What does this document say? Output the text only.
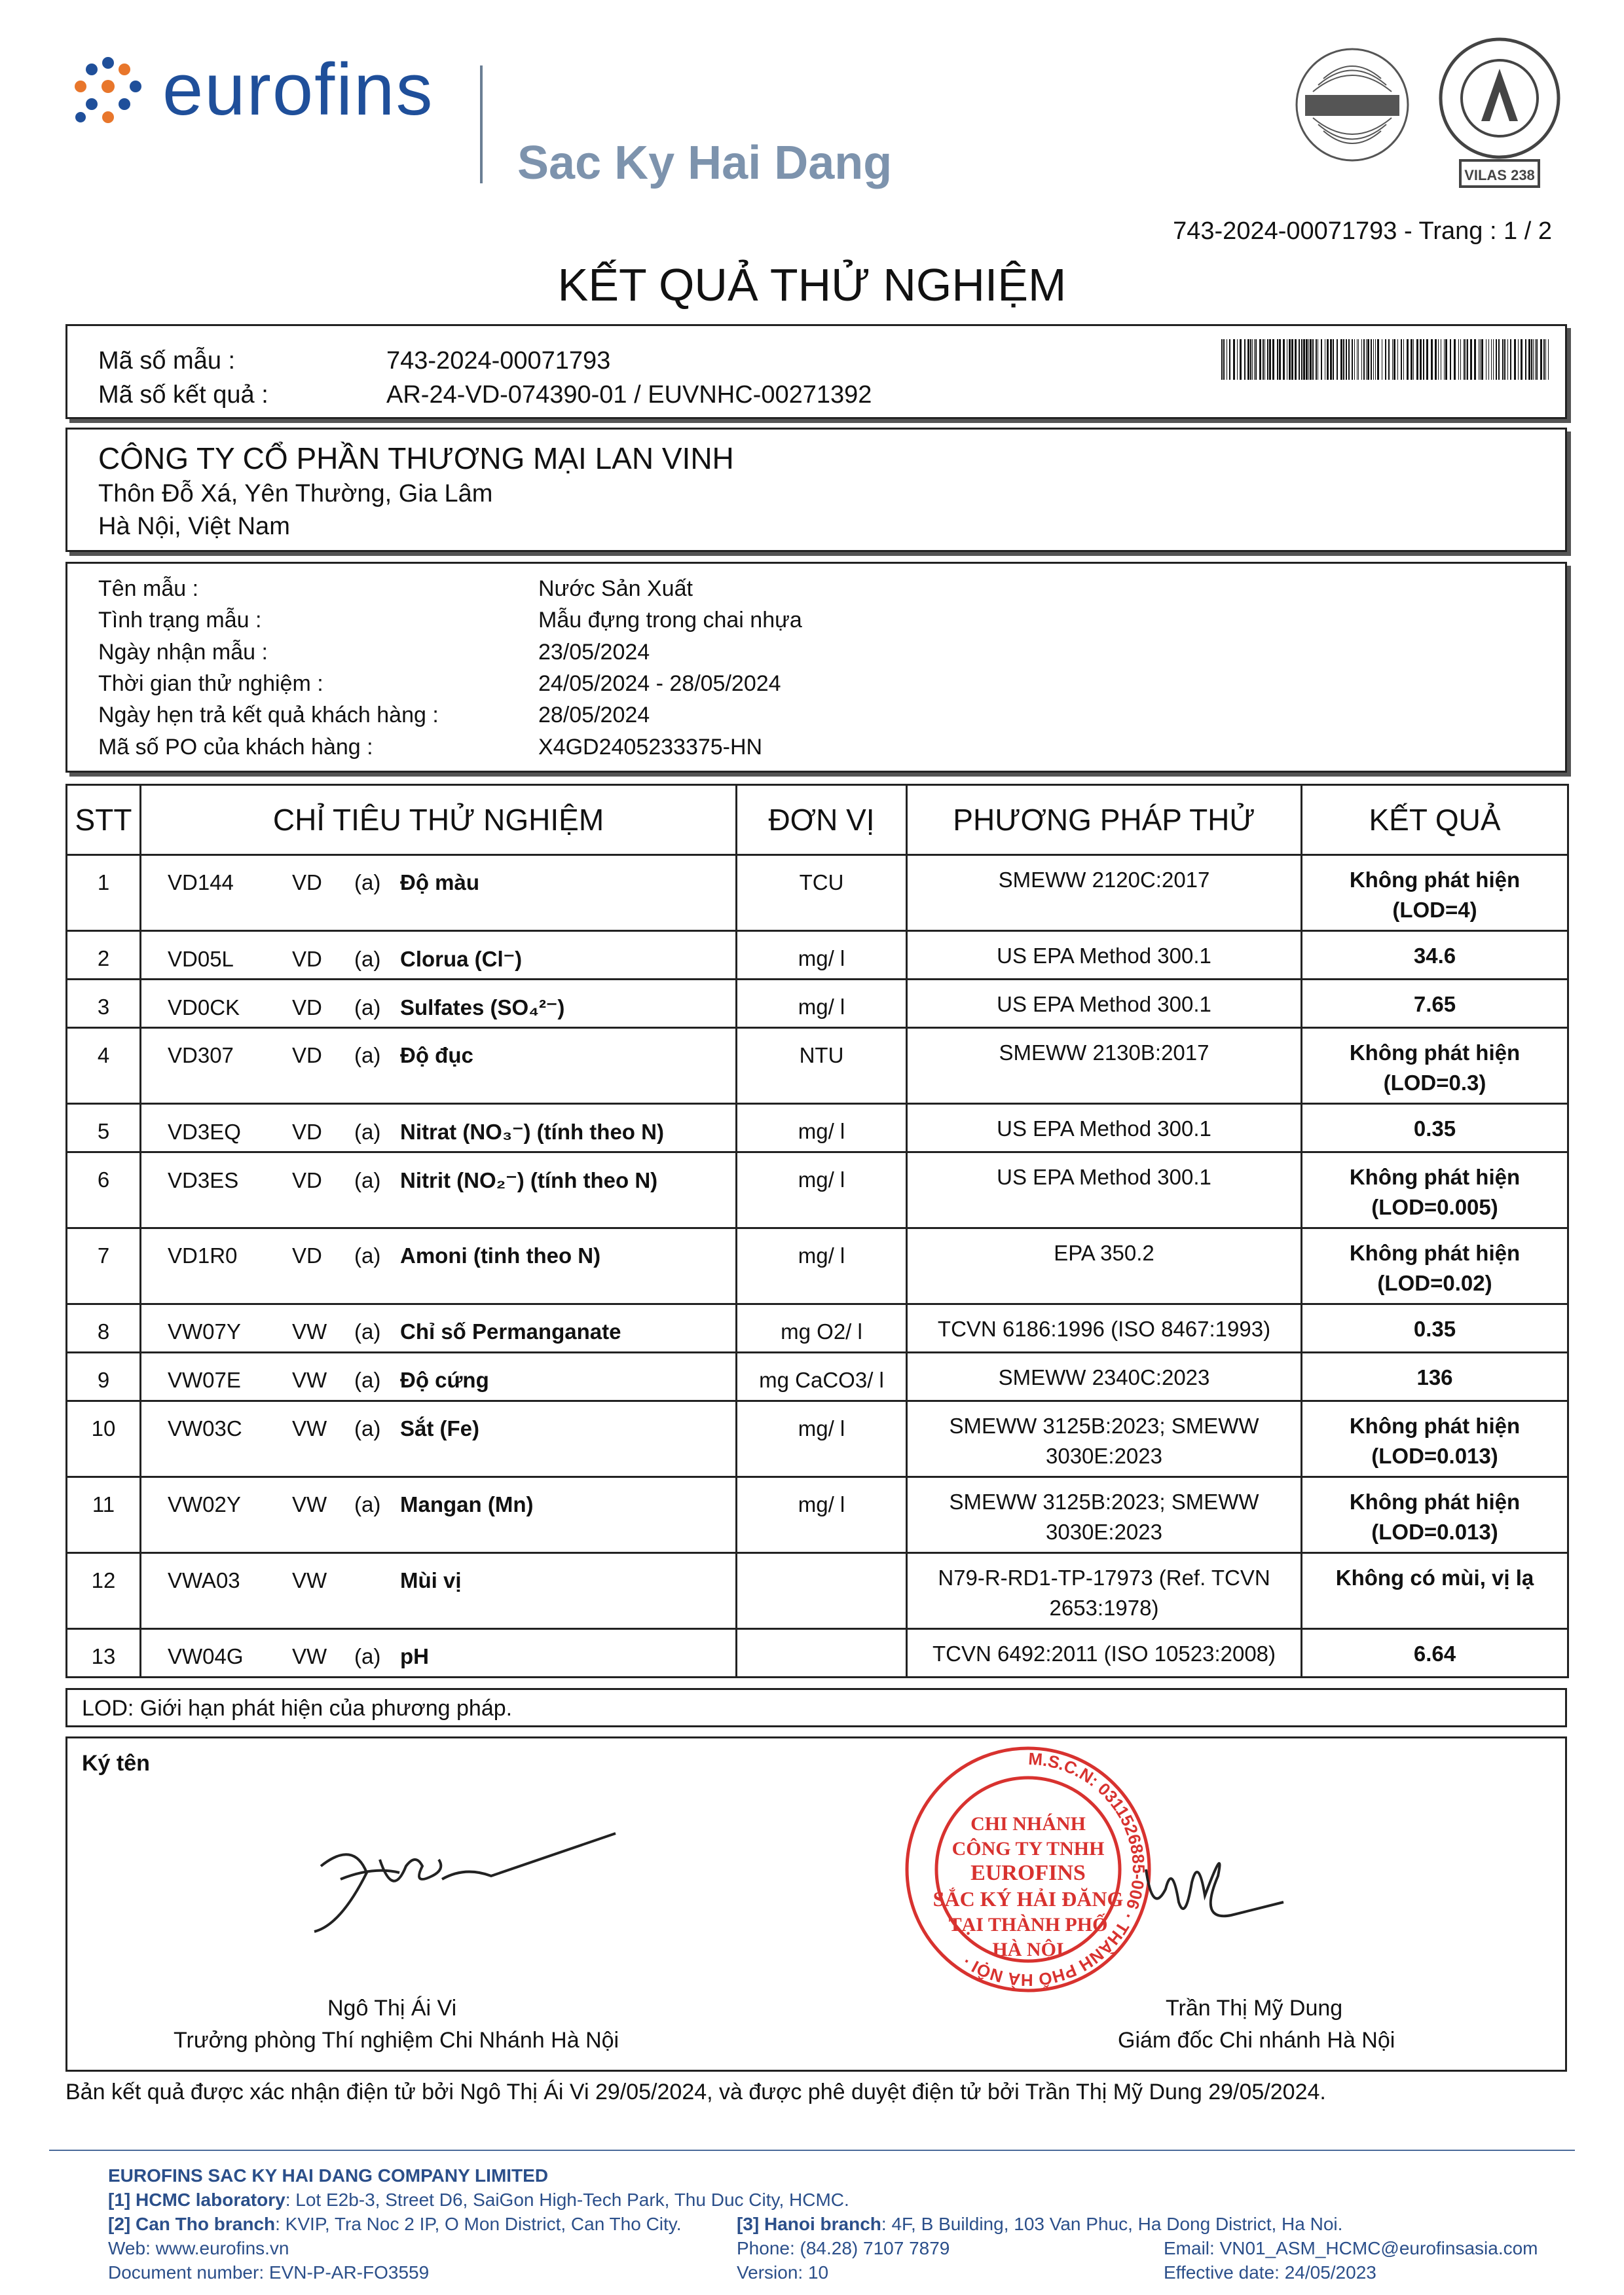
eurofins
Sac Ky Hai Dang	VILAS 238
743-2024-00071793 - Trang : 1 / 2
KẾT QUẢ THỬ NGHIỆM
Mã số mẫu :	743-2024-00071793
Mã số kết quả :	AR-24-VD-074390-01 / EUVNHC-00271392
CÔNG TY CỔ PHẦN THƯƠNG MẠI LAN VINH
Thôn Đỗ Xá, Yên Thường, Gia Lâm
Hà Nội, Việt Nam
Tên mẫu :	Nước Sản Xuất
Tình trạng mẫu :	Mẫu đựng trong chai nhựa
Ngày nhận mẫu :	23/05/2024
Thời gian thử nghiệm :	24/05/2024 - 28/05/2024
Ngày hẹn trả kết quả khách hàng :	28/05/2024
Mã số PO của khách hàng :	X4GD2405233375-HN
STT	CHỈ TIÊU THỬ NGHIỆM	ĐƠN VỊ	PHƯƠNG PHÁP THỬ	KẾT QUẢ

1	VD144 VD (a) Độ màu	TCU	SMEWW 2120C:2017	Không phát hiện
(LOD=4)

2	VD05L VD (a) Clorua (Cl⁻)	mg/ l	US EPA Method 300.1	34.6

3	VD0CK VD (a) Sulfates (SO₄²⁻)	mg/ l	US EPA Method 300.1	7.65

4	VD307 VD (a) Độ đục	NTU	SMEWW 2130B:2017	Không phát hiện
(LOD=0.3)

5	VD3EQ VD (a) Nitrat (NO₃⁻) (tính theo N)	mg/ l	US EPA Method 300.1	0.35

6	VD3ES VD (a) Nitrit (NO₂⁻) (tính theo N)	mg/ l	US EPA Method 300.1	Không phát hiện
(LOD=0.005)

7	VD1R0 VD (a) Amoni (tinh theo N)	mg/ l	EPA 350.2	Không phát hiện
(LOD=0.02)

8	VW07Y VW (a) Chỉ số Permanganate	mg O2/ l	TCVN 6186:1996 (ISO 8467:1993)	0.35

9	VW07E VW (a) Độ cứng	mg CaCO3/ l	SMEWW 2340C:2023	136

10	VW03C VW (a) Sắt (Fe)	mg/ l	SMEWW 3125B:2023; SMEWW 3030E:2023	Không phát hiện
(LOD=0.013)

11	VW02Y VW (a) Mangan (Mn)	mg/ l	SMEWW 3125B:2023; SMEWW 3030E:2023	Không phát hiện
(LOD=0.013)

12	VWA03 VW Mùi vị		N79-R-RD1-TP-17973 (Ref. TCVN 2653:1978)	Không có mùi, vị lạ

13	VW04G VW (a) pH		TCVN 6492:2011 (ISO 10523:2008)	6.64
LOD: Giới hạn phát hiện của phương pháp.
Ký tên
Ngô Thị Ái Vi
Trưởng phòng Thí nghiệm Chi Nhánh Hà Nội
M.S.C.N: 0311526885-006 · THÀNH PHỐ HÀ NỘI ·
CHI NHÁNH
CÔNG TY TNHH
EUROFINS
SẮC KÝ HẢI ĐĂNG
TẠI THÀNH PHỐ
HÀ NỘI
Trần Thị Mỹ Dung
Giám đốc Chi nhánh Hà Nội
Bản kết quả được xác nhận điện tử bởi Ngô Thị Ái Vi 29/05/2024, và được phê duyệt điện tử bởi Trần Thị Mỹ Dung 29/05/2024.
EUROFINS SAC KY HAI DANG COMPANY LIMITED
[1] HCMC laboratory: Lot E2b-3, Street D6, SaiGon High-Tech Park, Thu Duc City, HCMC.
[2] Can Tho branch: KVIP, Tra Noc 2 IP, O Mon District, Can Tho City.	[3] Hanoi branch: 4F, B Building, 103 Van Phuc, Ha Dong District, Ha Noi.
Web: www.eurofins.vn	Phone: (84.28) 7107 7879	Email: VN01_ASM_HCMC@eurofinsasia.com
Document number: EVN-P-AR-FO3559	Version: 10	Effective date: 24/05/2023
